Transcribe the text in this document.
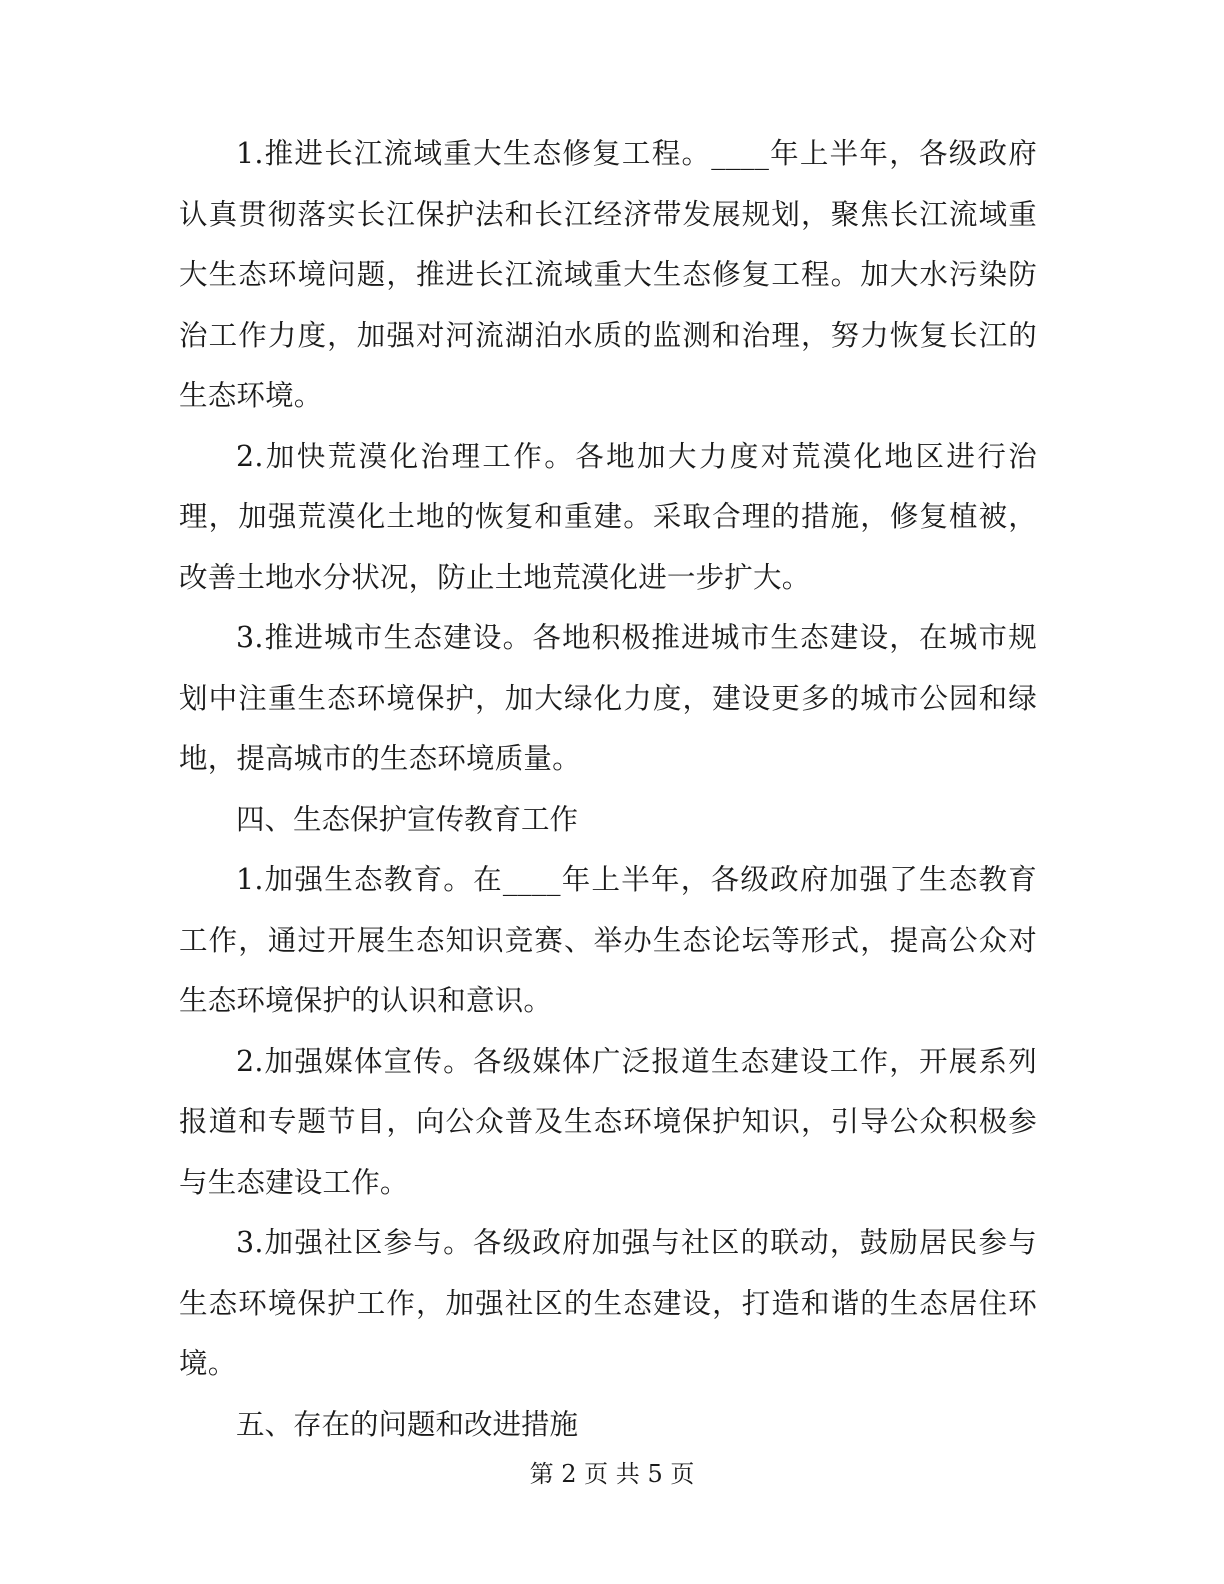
1.推进长江流域重大生态修复工程。____年上半年，各级政府认真贯彻落实长江保护法和长江经济带发展规划，聚焦长江流域重大生态环境问题，推进长江流域重大生态修复工程。加大水污染防治工作力度，加强对河流湖泊水质的监测和治理，努力恢复长江的生态环境。

2.加快荒漠化治理工作。各地加大力度对荒漠化地区进行治理，加强荒漠化土地的恢复和重建。采取合理的措施，修复植被，改善土地水分状况，防止土地荒漠化进一步扩大。

3.推进城市生态建设。各地积极推进城市生态建设，在城市规划中注重生态环境保护，加大绿化力度，建设更多的城市公园和绿地，提高城市的生态环境质量。

四、生态保护宣传教育工作

1.加强生态教育。在____年上半年，各级政府加强了生态教育工作，通过开展生态知识竞赛、举办生态论坛等形式，提高公众对生态环境保护的认识和意识。

2.加强媒体宣传。各级媒体广泛报道生态建设工作，开展系列报道和专题节目，向公众普及生态环境保护知识，引导公众积极参与生态建设工作。

3.加强社区参与。各级政府加强与社区的联动，鼓励居民参与生态环境保护工作，加强社区的生态建设，打造和谐的生态居住环境。

五、存在的问题和改进措施

第 2 页 共 5 页
